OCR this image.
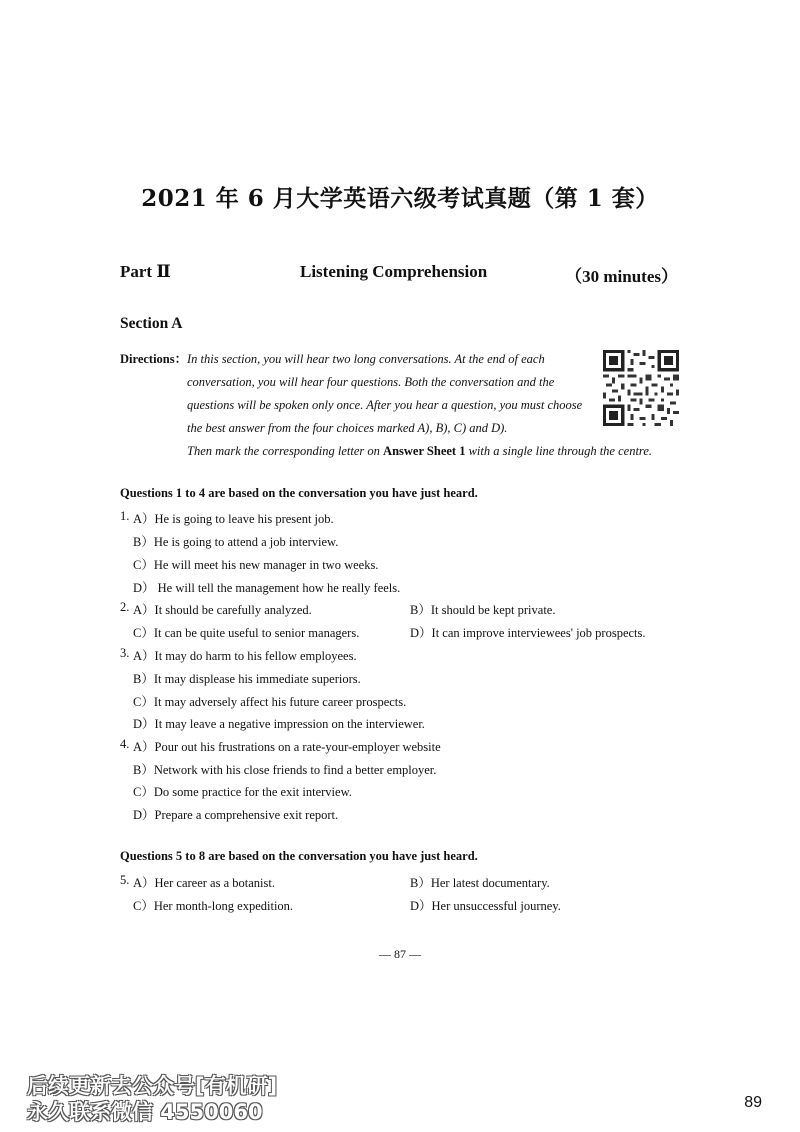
2021 年 6 月大学英语六级考试真题（第 1 套）
Part Ⅱ	Listening Comprehension	（30 minutes）
Section A
Directions： In this section, you will hear two long conversations. At the end of each conversation, you will hear four questions. Both the conversation and the questions will be spoken only once. After you hear a question, you must choose the best answer from the four choices marked A), B), C) and D).
Then mark the corresponding letter on Answer Sheet 1 with a single line through the centre.
Questions 1 to 4 are based on the conversation you have just heard.
1. A）He is going to leave his present job.
B）He is going to attend a job interview.
C）He will meet his new manager in two weeks.
D） He will tell the management how he really feels.
2. A）It should be carefully analyzed.	B）It should be kept private.
C）It can be quite useful to senior managers.	D）It can improve interviewees' job prospects.
3. A）It may do harm to his fellow employees.
B）It may displease his immediate superiors.
C）It may adversely affect his future career prospects.
D）It may leave a negative impression on the interviewer.
4. A）Pour out his frustrations on a rate-your-employer website
B）Network with his close friends to find a better employer.
C）Do some practice for the exit interview.
D）Prepare a comprehensive exit report.
Questions 5 to 8 are based on the conversation you have just heard.
5. A）Her career as a botanist.	B）Her latest documentary.
C）Her month-long expedition.	D）Her unsuccessful journey.
— 87 —
后续更新去公众号[有机研]
永久联系微信 4550060	89
